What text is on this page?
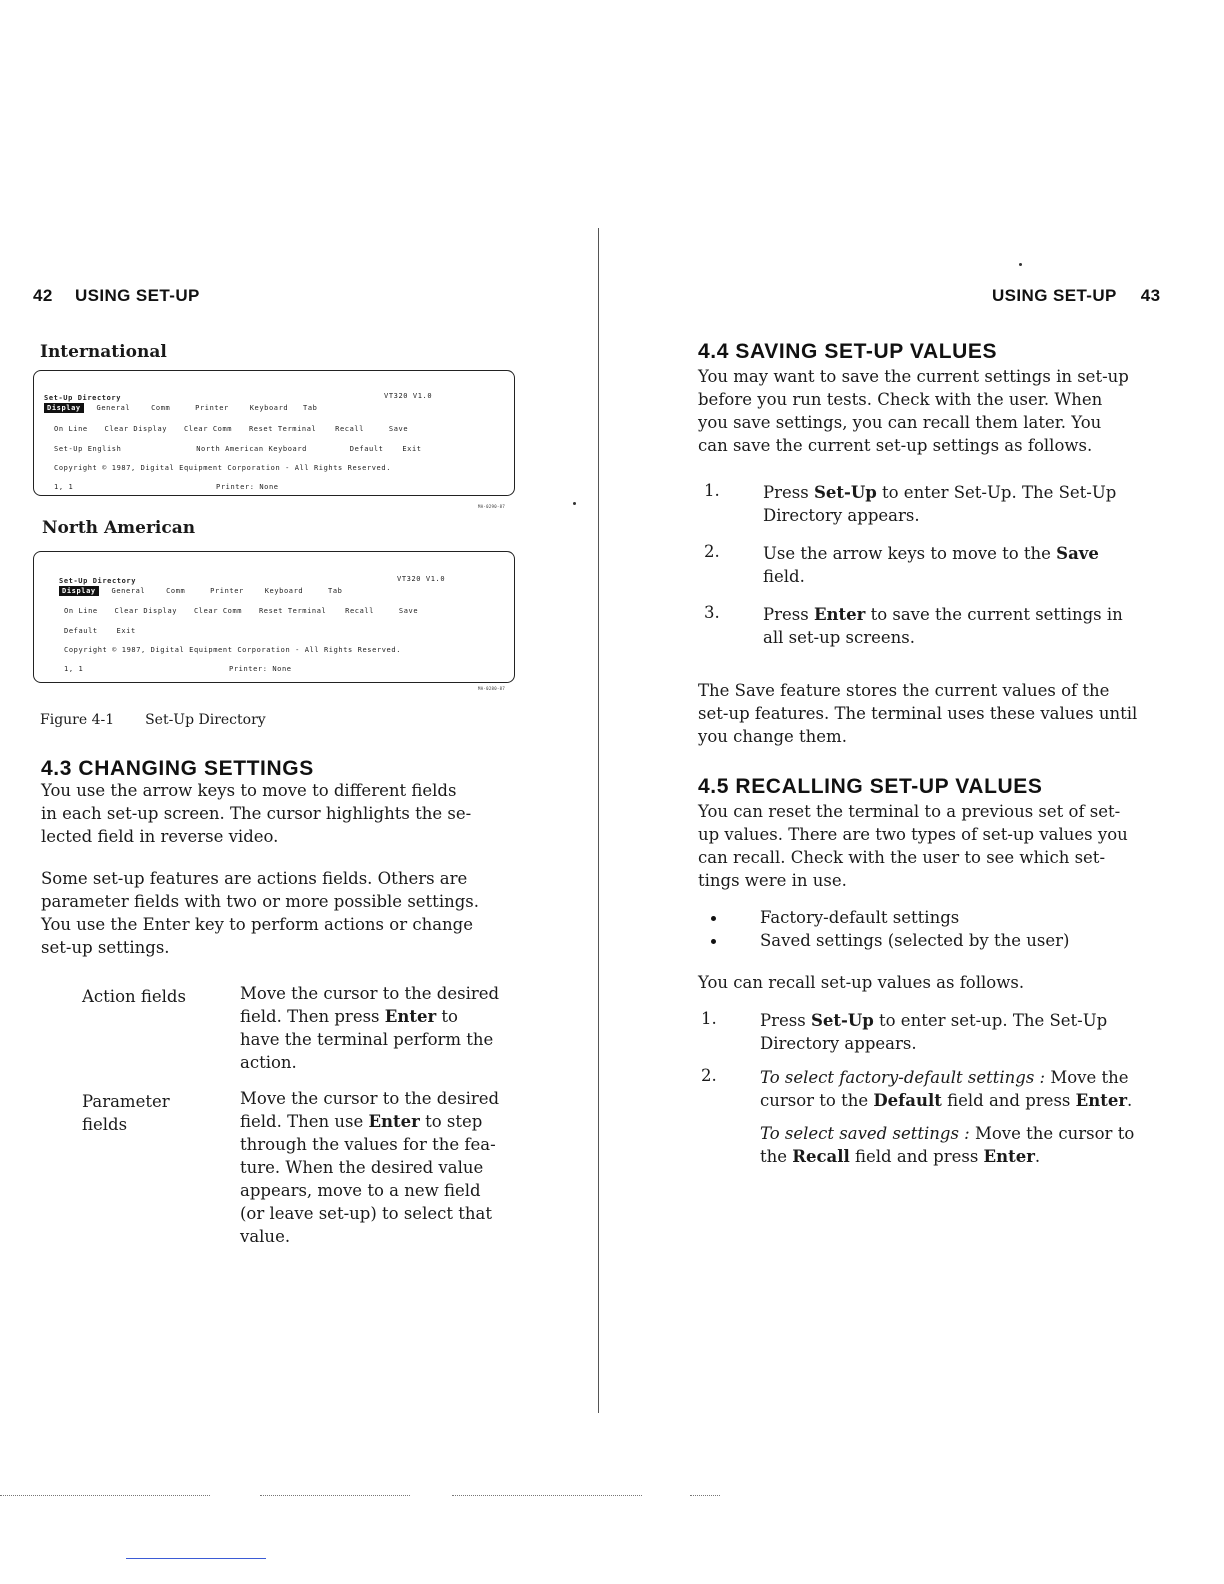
42 USING SET-UP	USING SET-UP 43
International
Set-Up Directory	VT320 V1.0
Display General	Comm	Printer	Keyboard Tab
On Line Clear Display Clear Comm Reset Terminal	Recall	Save
Set-Up English	North American Keyboard	Default	Exit
Copyright © 1987, Digital Equipment Corporation - All Rights Reserved.
1, 1	Printer: None
MA-0290-87
North American
Set-Up Directory	VT320 V1.0
Display General	Comm	Printer	Keyboard	Tab
On Line Clear Display Clear Comm Reset Terminal	Recall	Save
Default	Exit
Copyright © 1987, Digital Equipment Corporation - All Rights Reserved.
1, 1	Printer: None
MA-0280-87
Figure 4-1 Set-Up Directory
4.3 CHANGING SETTINGS
You use the arrow keys to move to different fields
in each set-up screen. The cursor highlights the se-
lected field in reverse video.
Some set-up features are actions fields. Others are
parameter fields with two or more possible settings.
You use the Enter key to perform actions or change
set-up settings.
Action fields	Move the cursor to the desired
field. Then press Enter to
have the terminal perform the
action.
Parameter
fields
Move the cursor to the desired
field. Then use Enter to step
through the values for the fea-
ture. When the desired value
appears, move to a new field
(or leave set-up) to select that
value.
4.4 SAVING SET-UP VALUES
You may want to save the current settings in set-up
before you run tests. Check with the user. When
you save settings, you can recall them later. You
can save the current set-up settings as follows.
1.	Press Set-Up to enter Set-Up. The Set-Up
Directory appears.
2.	Use the arrow keys to move to the Save
field.
3.	Press Enter to save the current settings in
all set-up screens.
The Save feature stores the current values of the
set-up features. The terminal uses these values until
you change them.
4.5 RECALLING SET-UP VALUES
You can reset the terminal to a previous set of set-
up values. There are two types of set-up values you
can recall. Check with the user to see which set-
tings were in use.
Factory-default settings
Saved settings (selected by the user)
You can recall set-up values as follows.
1.	Press Set-Up to enter set-up. The Set-Up
Directory appears.
2.	To select factory-default settings : Move the
cursor to the Default field and press Enter.
To select saved settings : Move the cursor to
the Recall field and press Enter.
